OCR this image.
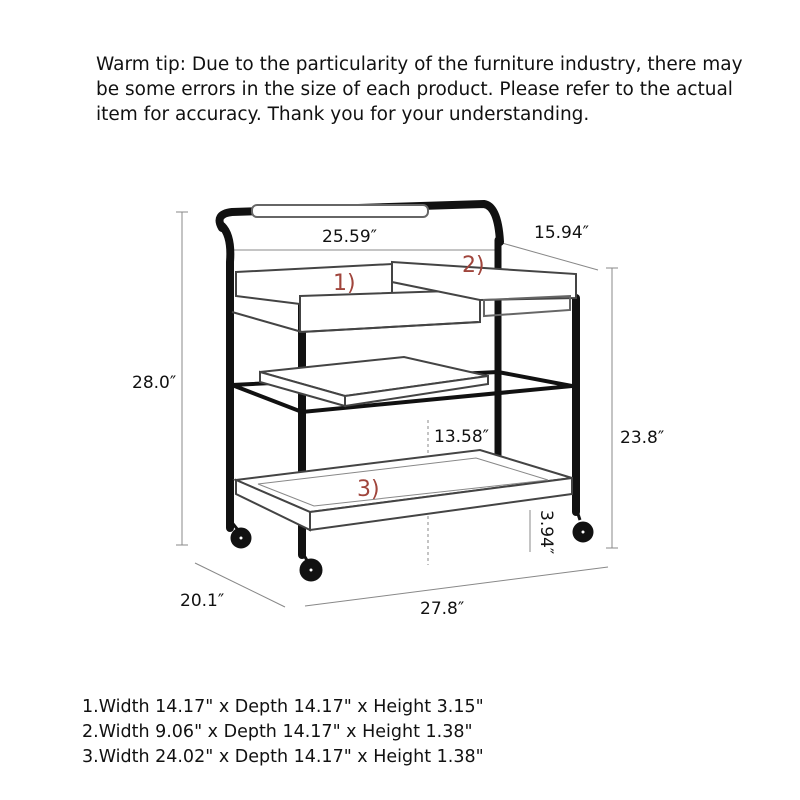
Warm tip: Due to the particularity of the furniture industry, there may be some errors in the size of each product. Please refer to the actual item for accuracy. Thank you for your understanding.
25.59″	15.94″
28.0″
23.8″
13.58″
3.94″
20.1″	27.8″
1)
2)
3)
1.Width 14.17" x Depth 14.17" x Height 3.15"
2.Width 9.06" x Depth 14.17" x Height 1.38"
3.Width 24.02" x Depth 14.17" x Height 1.38"
